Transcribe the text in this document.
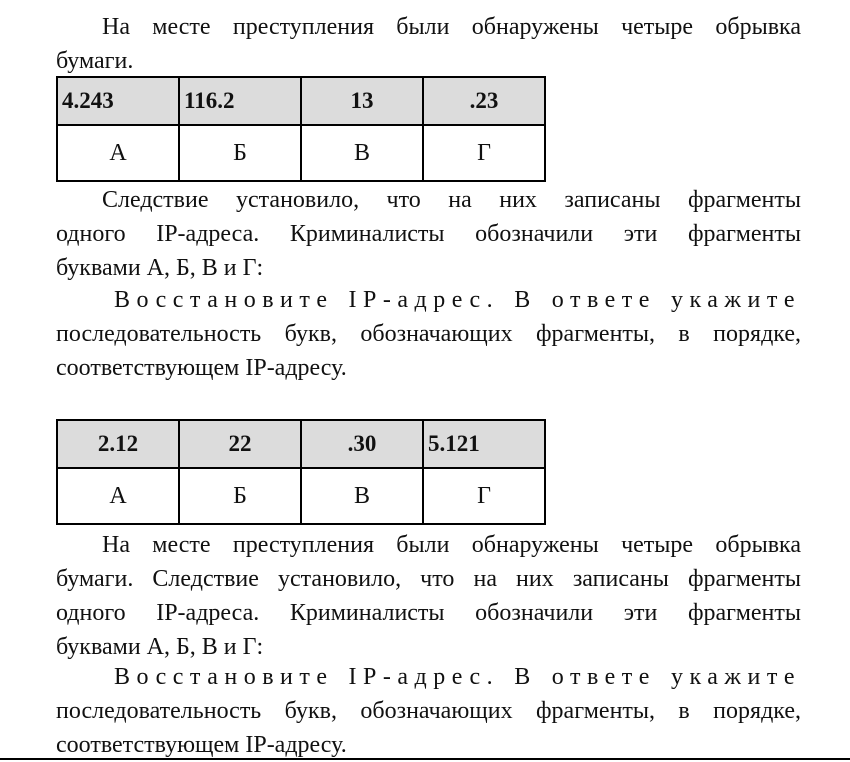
На месте преступления были обнаружены четыре обрывка
бумаги.

4.243	116.2	13	.23
А	Б	В	Г

Следствие установило, что на них записаны фрагменты
одного IP-адреса. Криминалисты обозначили эти фрагменты
буквами А, Б, В и Г:

Восстановите IP-адрес. В ответе укажите
последовательность букв, обозначающих фрагменты, в порядке,
соответствующем IP-адресу.

2.12	22	.30	5.121
А	Б	В	Г

На месте преступления были обнаружены четыре обрывка
бумаги. Следствие установило, что на них записаны фрагменты
одного IP-адреса. Криминалисты обозначили эти фрагменты
буквами А, Б, В и Г:

Восстановите IP-адрес. В ответе укажите
последовательность букв, обозначающих фрагменты, в порядке,
соответствующем IP-адресу.
